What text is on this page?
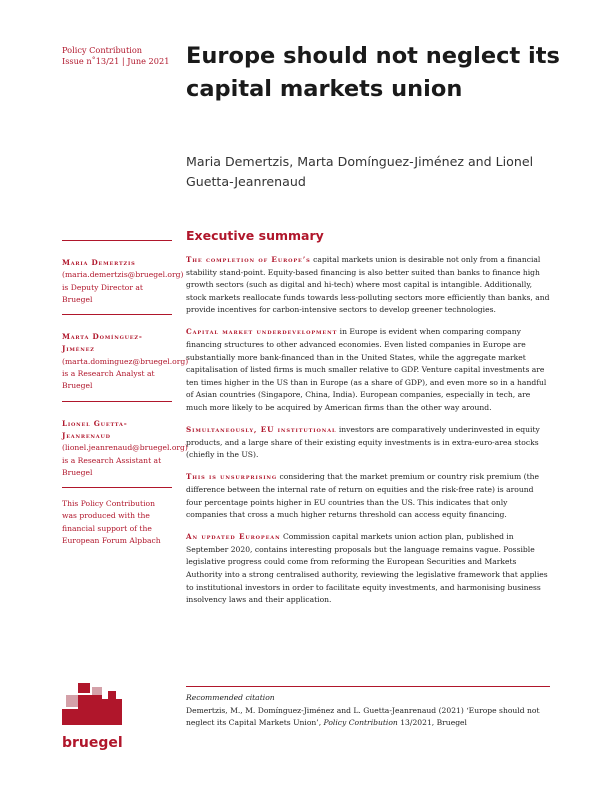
Policy Contribution
Issue n˚13/21 | June 2021 Europe should not neglect its capital markets union

Maria Demertzis, Marta Domínguez-Jiménez and Lionel Guetta-Jeanrenaud

Executive summary

The completion of Europe’s capital markets union is desirable not only from a financial stability stand-point. Equity-based financing is also better suited than banks to finance high growth sectors (such as digital and hi-tech) where most capital is intangible. Additionally, stock markets reallocate funds towards less-polluting sectors more efficiently than banks, and provide incentives for carbon-intensive sectors to develop greener technologies.

Capital market underdevelopment in Europe is evident when comparing company financing structures to other advanced economies. Even listed companies in Europe are substantially more bank-financed than in the United States, while the aggregate market capitalisation of listed firms is much smaller relative to GDP. Venture capital investments are ten times higher in the US than in Europe (as a share of GDP), and even more so in a handful of Asian countries (Singapore, China, India). European companies, especially in tech, are much more likely to be acquired by American firms than the other way around.

Simultaneously, EU institutional investors are comparatively underinvested in equity products, and a large share of their existing equity investments is in extra-euro-area stocks (chiefly in the US).

This is unsurprising considering that the market premium or country risk premium (the difference between the internal rate of return on equities and the risk-free rate) is around four percentage points higher in EU countries than the US. This indicates that only companies that cross a much higher returns threshold can access equity financing.

An updated European Commission capital markets union action plan, published in September 2020, contains interesting proposals but the language remains vague. Possible legislative progress could come from reforming the European Securities and Markets Authority into a strong centralised authority, reviewing the legislative framework that applies to institutional investors in order to facilitate equity investments, and harmonising business insolvency laws and their application.

Maria Demertzis (maria.demertzis@bruegel.org) is Deputy Director at Bruegel
Marta Domínguez-Jiménez (marta.dominguez@bruegel.org) is a Research Analyst at Bruegel
Lionel Guetta-Jeanrenaud (lionel.jeanrenaud@bruegel.org) is a Research Assistant at Bruegel
This Policy Contribution was produced with the financial support of the European Forum Alpbach
Recommended citation
Demertzis, M., M. Domínguez-Jiménez and L. Guetta-Jeanrenaud (2021) ‘Europe should not neglect its Capital Markets Union’, Policy Contribution 13/2021, Bruegel
bruegel
